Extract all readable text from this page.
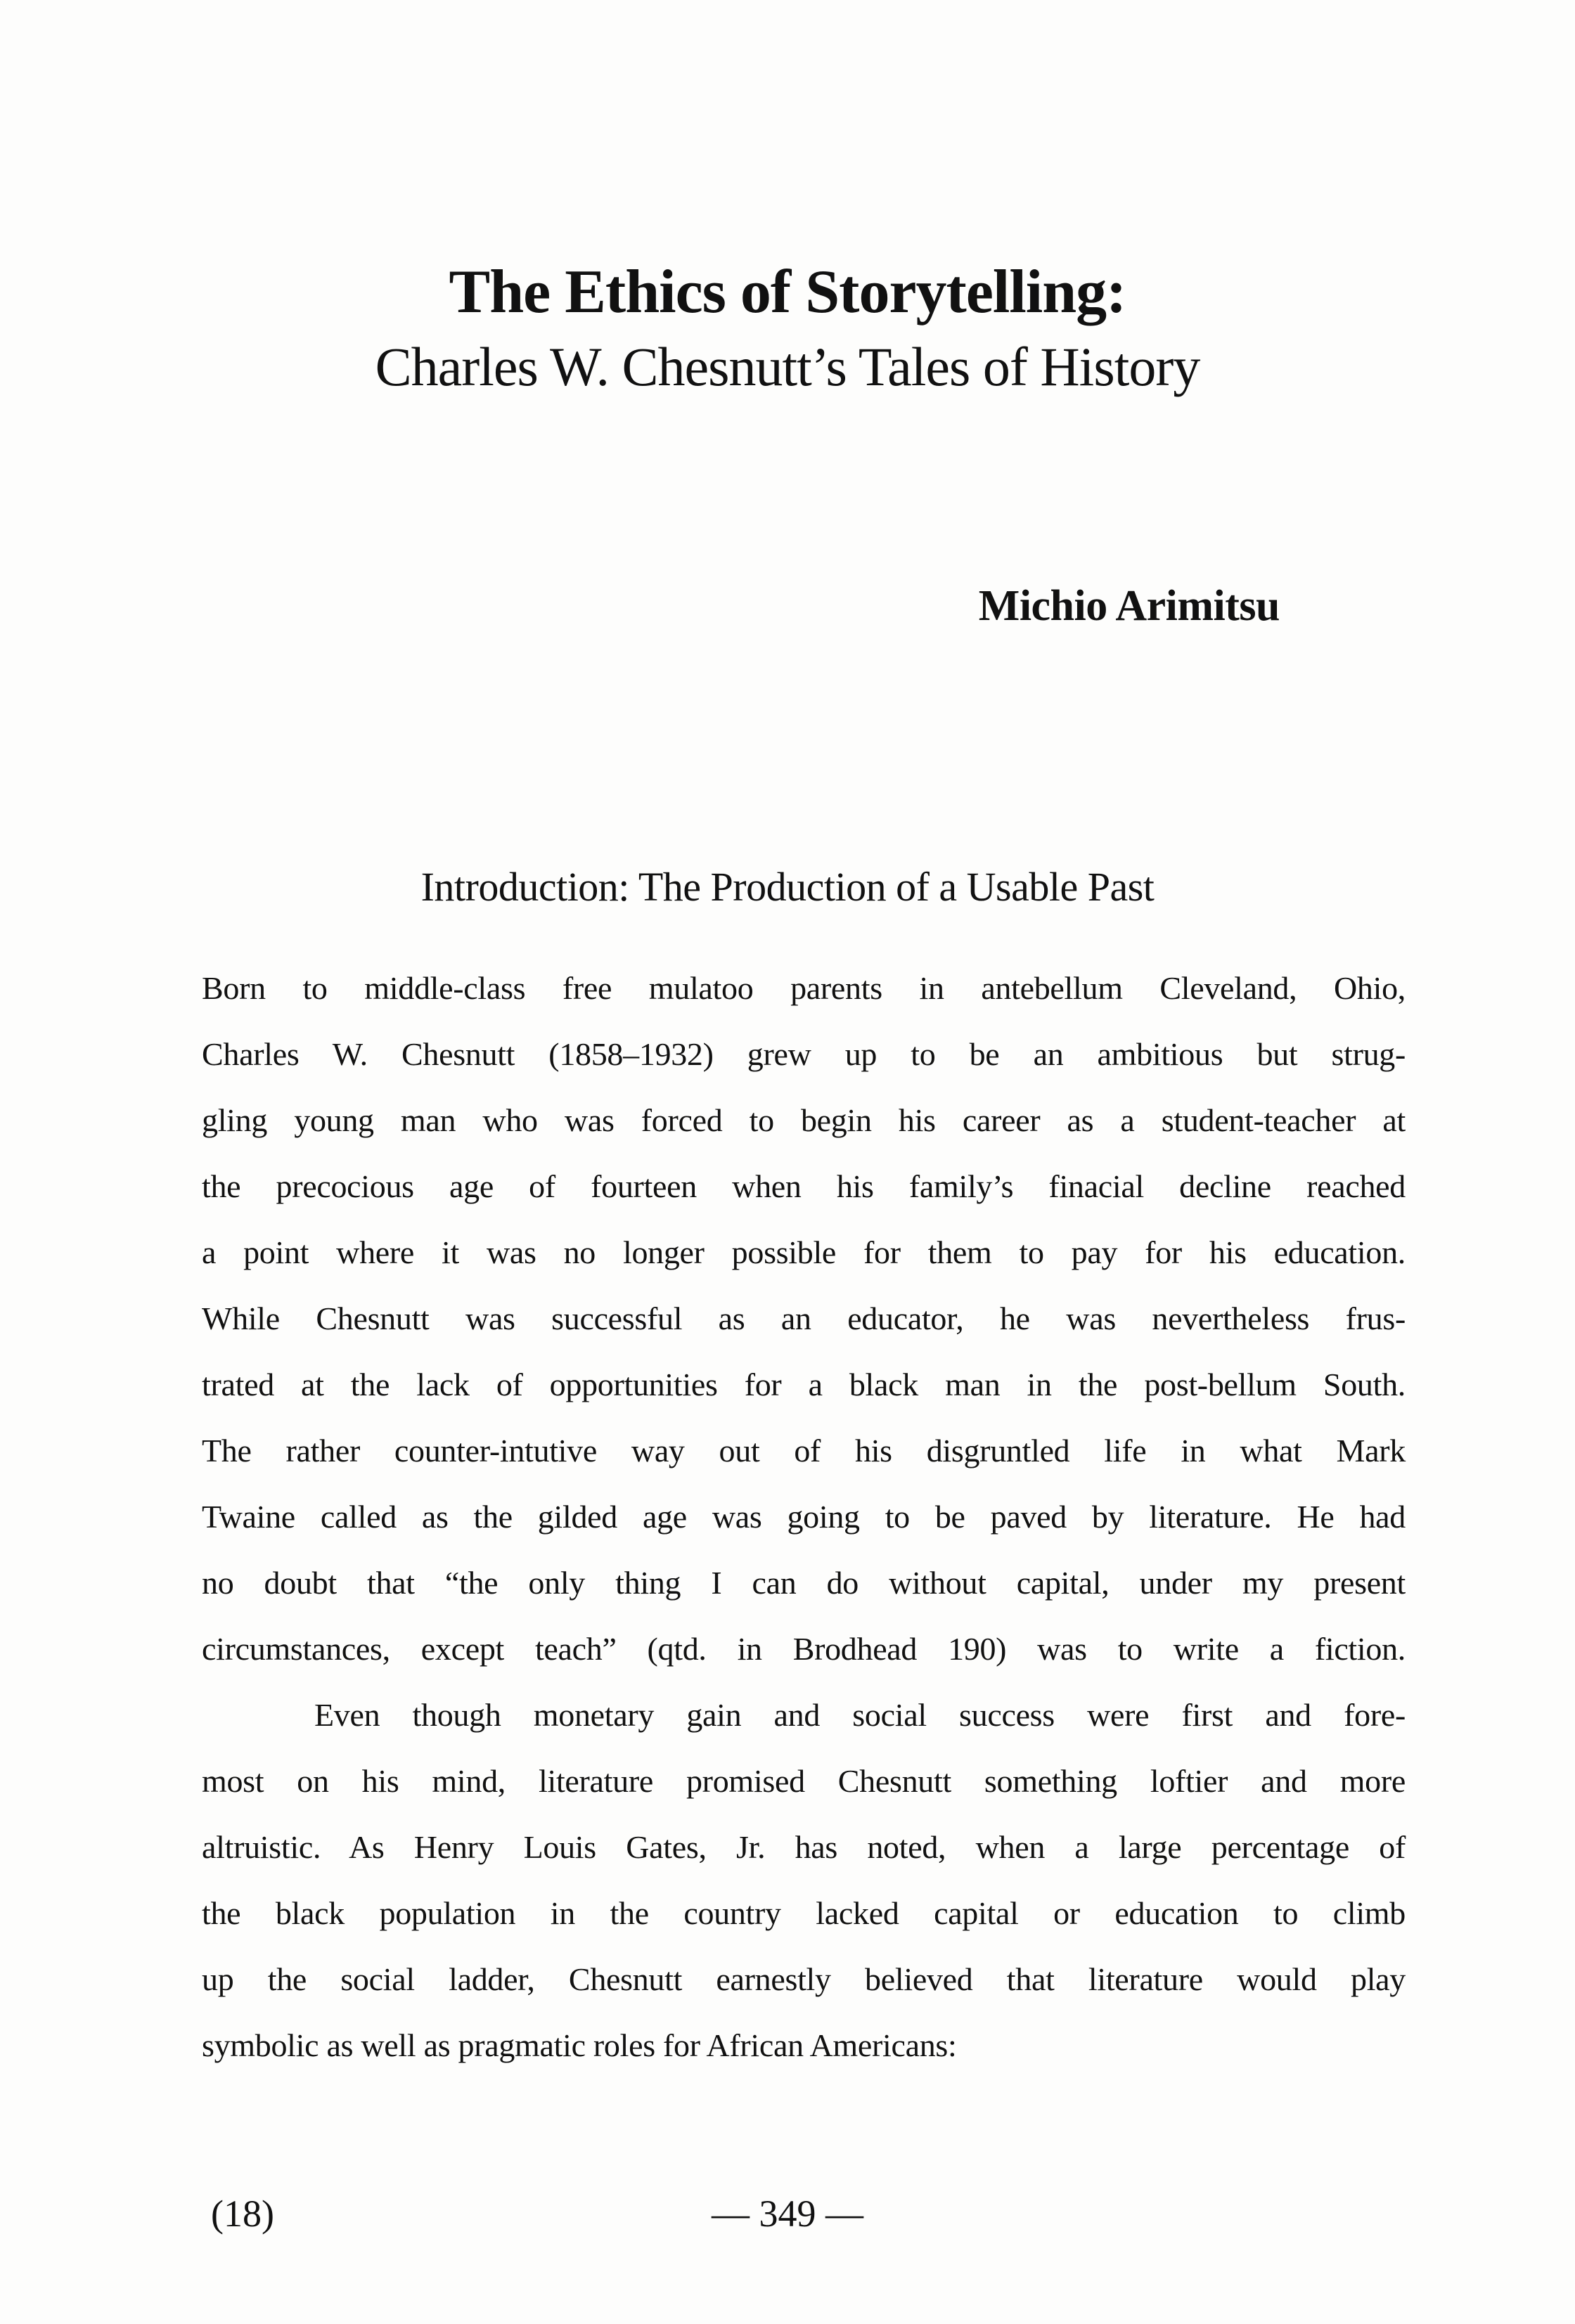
The Ethics of Storytelling:
Charles W. Chesnutt’s Tales of History
Michio Arimitsu
Introduction: The Production of a Usable Past
Born to middle-class free mulatoo parents in antebellum Cleveland, Ohio,
Charles W. Chesnutt (1858–1932) grew up to be an ambitious but strug-
gling young man who was forced to begin his career as a student-teacher at
the precocious age of fourteen when his family’s finacial decline reached
a point where it was no longer possible for them to pay for his education.
While Chesnutt was successful as an educator, he was nevertheless frus-
trated at the lack of opportunities for a black man in the post-bellum South.
The rather counter-intutive way out of his disgruntled life in what Mark
Twaine called as the gilded age was going to be paved by literature. He had
no doubt that “the only thing I can do without capital, under my present
circumstances, except teach” (qtd. in Brodhead 190) was to write a fiction.
Even though monetary gain and social success were first and fore-
most on his mind, literature promised Chesnutt something loftier and more
altruistic. As Henry Louis Gates, Jr. has noted, when a large percentage of
the black population in the country lacked capital or education to climb
up the social ladder, Chesnutt earnestly believed that literature would play
symbolic as well as pragmatic roles for African Americans:
(18)	— 349 —
